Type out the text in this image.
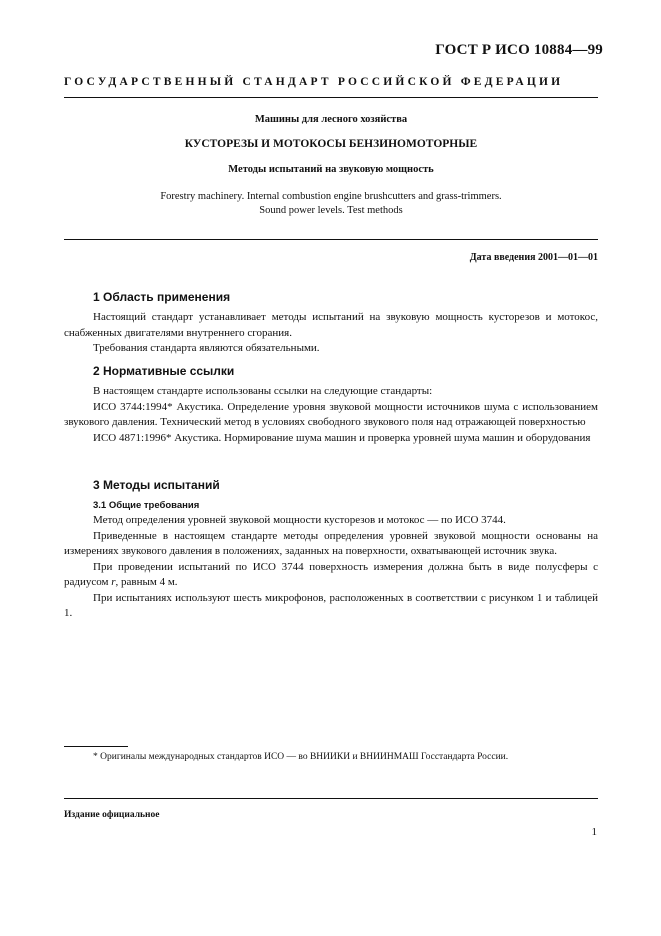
ГОСТ Р ИСО 10884—99
ГОСУДАРСТВЕННЫЙ СТАНДАРТ РОССИЙСКОЙ ФЕДЕРАЦИИ
Машины для лесного хозяйства
КУСТОРЕЗЫ И МОТОКОСЫ БЕНЗИНОМОТОРНЫЕ
Методы испытаний на звуковую мощность
Forestry machinery. Internal combustion engine brushcutters and grass-trimmers.
Sound power levels. Test methods
Дата введения 2001—01—01
1 Область применения

Настоящий стандарт устанавливает методы испытаний на звуковую мощность кусторезов и мотокос, снабженных двигателями внутреннего сгорания.

Требования стандарта являются обязательными.

2 Нормативные ссылки

В настоящем стандарте использованы ссылки на следующие стандарты:

ИСО 3744:1994* Акустика. Определение уровня звуковой мощности источников шума с использованием звукового давления. Технический метод в условиях свободного звукового поля над отражающей поверхностью

ИСО 4871:1996* Акустика. Нормирование шума машин и проверка уровней шума машин и оборудования

3 Методы испытаний
3.1 Общие требования

Метод определения уровней звуковой мощности кусторезов и мотокос — по ИСО 3744.

Приведенные в настоящем стандарте методы определения уровней звуковой мощности основаны на измерениях звукового давления в положениях, заданных на поверхности, охватывающей источник звука.

При проведении испытаний по ИСО 3744 поверхность измерения должна быть в виде полусферы с радиусом r, равным 4 м.

При испытаниях используют шесть микрофонов, расположенных в соответствии с рисунком 1 и таблицей 1.

* Оригиналы международных стандартов ИСО — во ВНИИКИ и ВНИИНМАШ Госстандарта России.
Издание официальное
1
